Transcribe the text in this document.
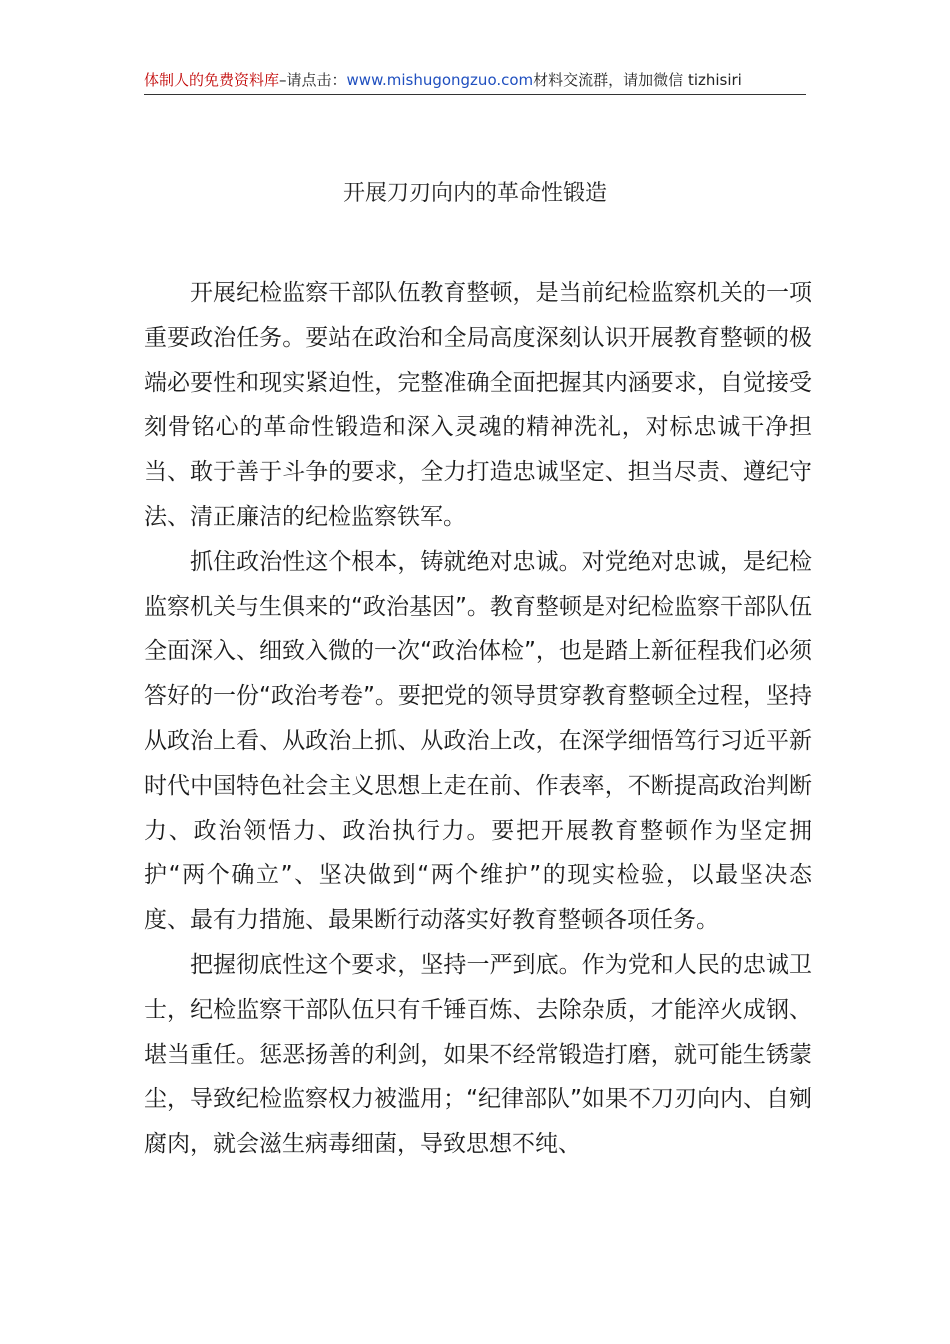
体制人的免费资料库–请点击：www.mishugongzuo.com材料交流群，请加微信 tizhisiri
开展刀刃向内的革命性锻造

开展纪检监察干部队伍教育整顿，是当前纪检监察机关的一项重要政治任务。要站在政治和全局高度深刻认识开展教育整顿的极端必要性和现实紧迫性，完整准确全面把握其内涵要求，自觉接受刻骨铭心的革命性锻造和深入灵魂的精神洗礼，对标忠诚干净担当、敢于善于斗争的要求，全力打造忠诚坚定、担当尽责、遵纪守法、清正廉洁的纪检监察铁军。

抓住政治性这个根本，铸就绝对忠诚。对党绝对忠诚，是纪检监察机关与生俱来的“政治基因”。教育整顿是对纪检监察干部队伍全面深入、细致入微的一次“政治体检”，也是踏上新征程我们必须答好的一份“政治考卷”。要把党的领导贯穿教育整顿全过程，坚持从政治上看、从政治上抓、从政治上改，在深学细悟笃行习近平新时代中国特色社会主义思想上走在前、作表率，不断提高政治判断力、政治领悟力、政治执行力。要把开展教育整顿作为坚定拥护“两个确立”、坚决做到“两个维护”的现实检验，以最坚决态度、最有力措施、最果断行动落实好教育整顿各项任务。

把握彻底性这个要求，坚持一严到底。作为党和人民的忠诚卫士，纪检监察干部队伍只有千锤百炼、去除杂质，才能淬火成钢、堪当重任。惩恶扬善的利剑，如果不经常锻造打磨，就可能生锈蒙尘，导致纪检监察权力被滥用；“纪律部队”如果不刀刃向内、自剜腐肉，就会滋生病毒细菌，导致思想不纯、
